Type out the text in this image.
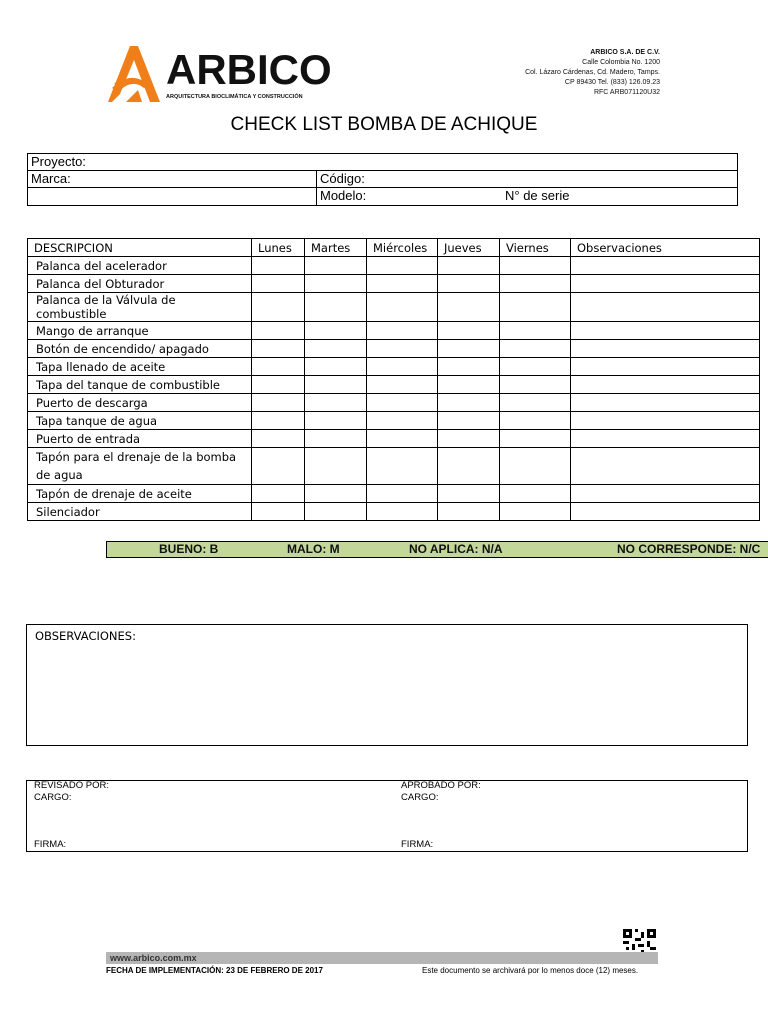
ARBICO
ARQUITECTURA BIOCLIMÁTICA Y CONSTRUCCIÓN
ARBICO S.A. DE C.V.
Calle Colombia No. 1200
Col. Lázaro Cárdenas, Cd. Madero, Tamps.
CP 89430 Tel. (833) 126.09.23
RFC ARB071120U32
CHECK LIST BOMBA DE ACHIQUE
Proyecto:
Marca:	Código:
Modelo:	N° de serie
DESCRIPCION	Lunes	Martes	Miércoles	Jueves	Viernes	Observaciones
Palanca del acelerador						
Palanca del Obturador						
Palanca de la Válvula de combustible						
Mango de arranque						
Botón de encendido/ apagado						
Tapa llenado de aceite						
Tapa del tanque de combustible						
Puerto de descarga						
Tapa tanque de agua						
Puerto de entrada						
Tapón para el drenaje de la bomba de agua						
Tapón de drenaje de aceite						
Silenciador						
BUENO: B	MALO: M	NO APLICA: N/A	NO CORRESPONDE: N/C
OBSERVACIONES:
REVISADO POR:
CARGO:
FIRMA:
APROBADO POR:
CARGO:
FIRMA:
www.arbico.com.mx
FECHA DE IMPLEMENTACIÓN: 23 DE FEBRERO DE 2017	Este documento se archivará por lo menos doce (12) meses.
